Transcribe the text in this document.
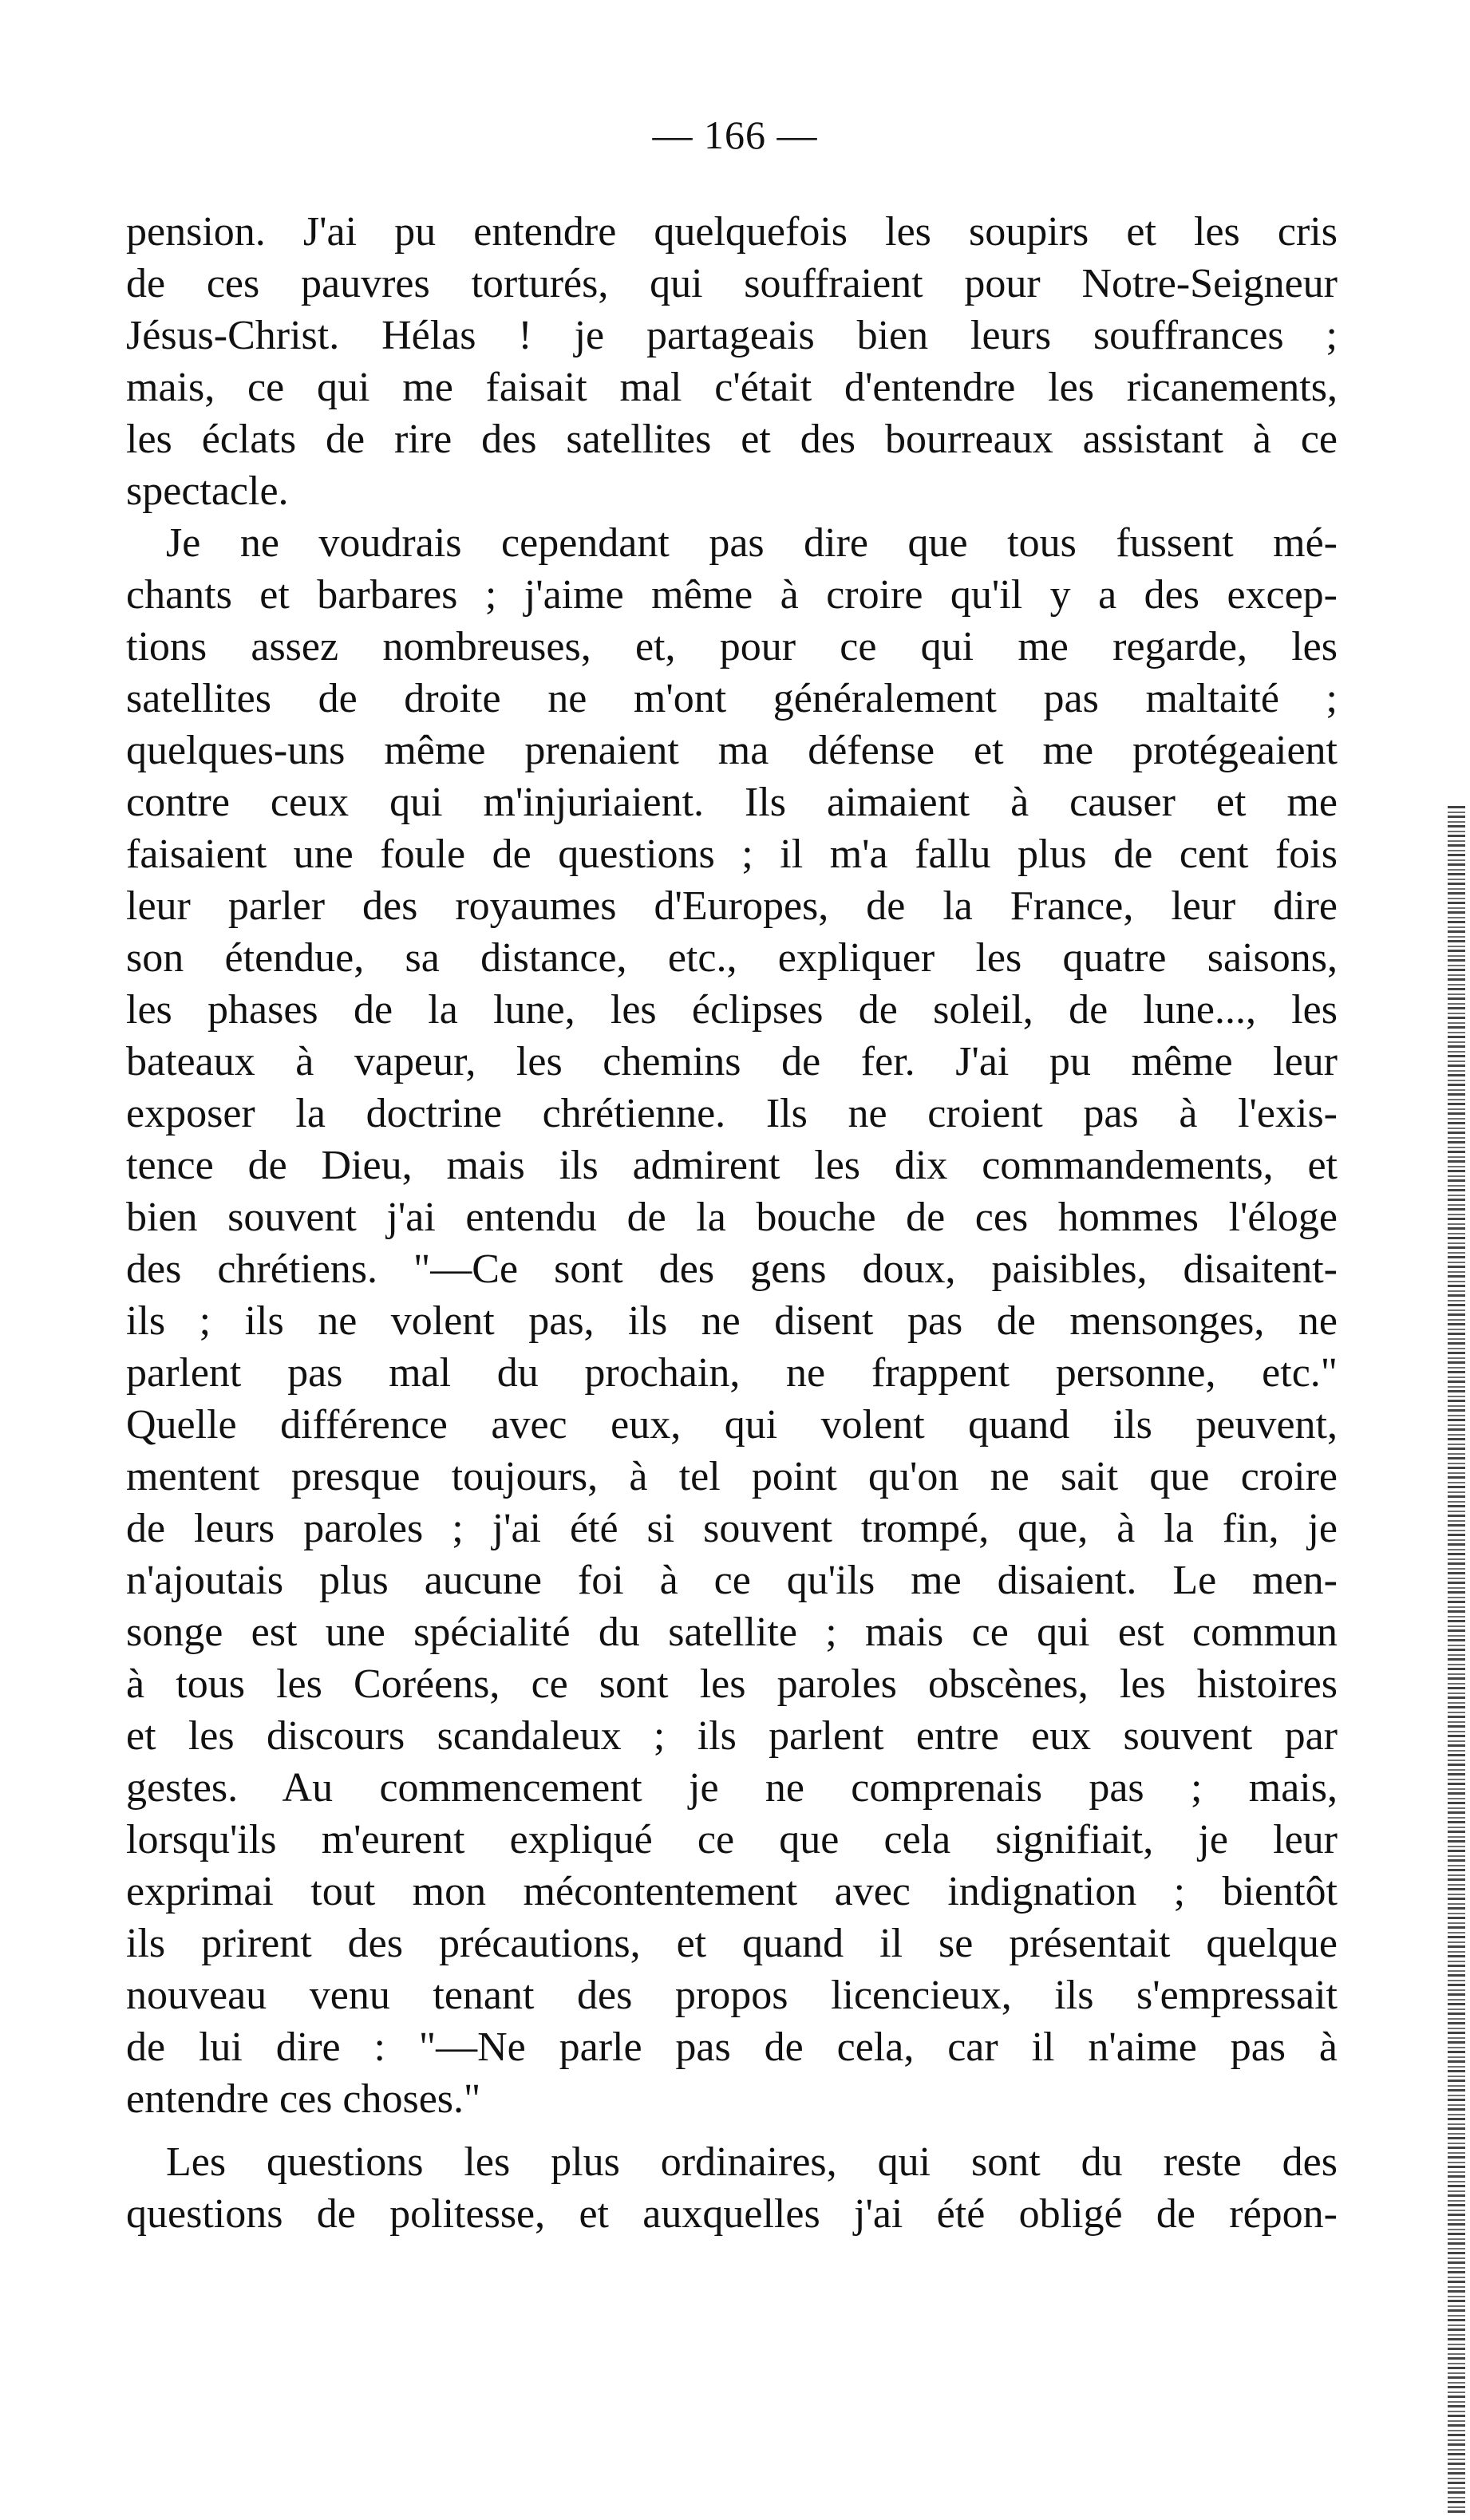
— 166 —
pension. J'ai pu entendre quelquefois les soupirs et les cris
de ces pauvres torturés, qui souffraient pour Notre-Seigneur
Jésus-Christ. Hélas ! je partageais bien leurs souffrances ;
mais, ce qui me faisait mal c'était d'entendre les ricanements,
les éclats de rire des satellites et des bourreaux assistant à ce
spectacle.
Je ne voudrais cependant pas dire que tous fussent mé-
chants et barbares ; j'aime même à croire qu'il y a des excep-
tions assez nombreuses, et, pour ce qui me regarde, les
satellites de droite ne m'ont généralement pas maltaité ;
quelques-uns même prenaient ma défense et me protégeaient
contre ceux qui m'injuriaient. Ils aimaient à causer et me
faisaient une foule de questions ; il m'a fallu plus de cent fois
leur parler des royaumes d'Europes, de la France, leur dire
son étendue, sa distance, etc., expliquer les quatre saisons,
les phases de la lune, les éclipses de soleil, de lune..., les
bateaux à vapeur, les chemins de fer. J'ai pu même leur
exposer la doctrine chrétienne. Ils ne croient pas à l'exis-
tence de Dieu, mais ils admirent les dix commandements, et
bien souvent j'ai entendu de la bouche de ces hommes l'éloge
des chrétiens. "—Ce sont des gens doux, paisibles, disaitent-
ils ; ils ne volent pas, ils ne disent pas de mensonges, ne
parlent pas mal du prochain, ne frappent personne, etc."
Quelle différence avec eux, qui volent quand ils peuvent,
mentent presque toujours, à tel point qu'on ne sait que croire
de leurs paroles ; j'ai été si souvent trompé, que, à la fin, je
n'ajoutais plus aucune foi à ce qu'ils me disaient. Le men-
songe est une spécialité du satellite ; mais ce qui est commun
à tous les Coréens, ce sont les paroles obscènes, les histoires
et les discours scandaleux ; ils parlent entre eux souvent par
gestes. Au commencement je ne comprenais pas ; mais,
lorsqu'ils m'eurent expliqué ce que cela signifiait, je leur
exprimai tout mon mécontentement avec indignation ; bientôt
ils prirent des précautions, et quand il se présentait quelque
nouveau venu tenant des propos licencieux, ils s'empressait
de lui dire : "—Ne parle pas de cela, car il n'aime pas à
entendre ces choses."
Les questions les plus ordinaires, qui sont du reste des
questions de politesse, et auxquelles j'ai été obligé de répon-
